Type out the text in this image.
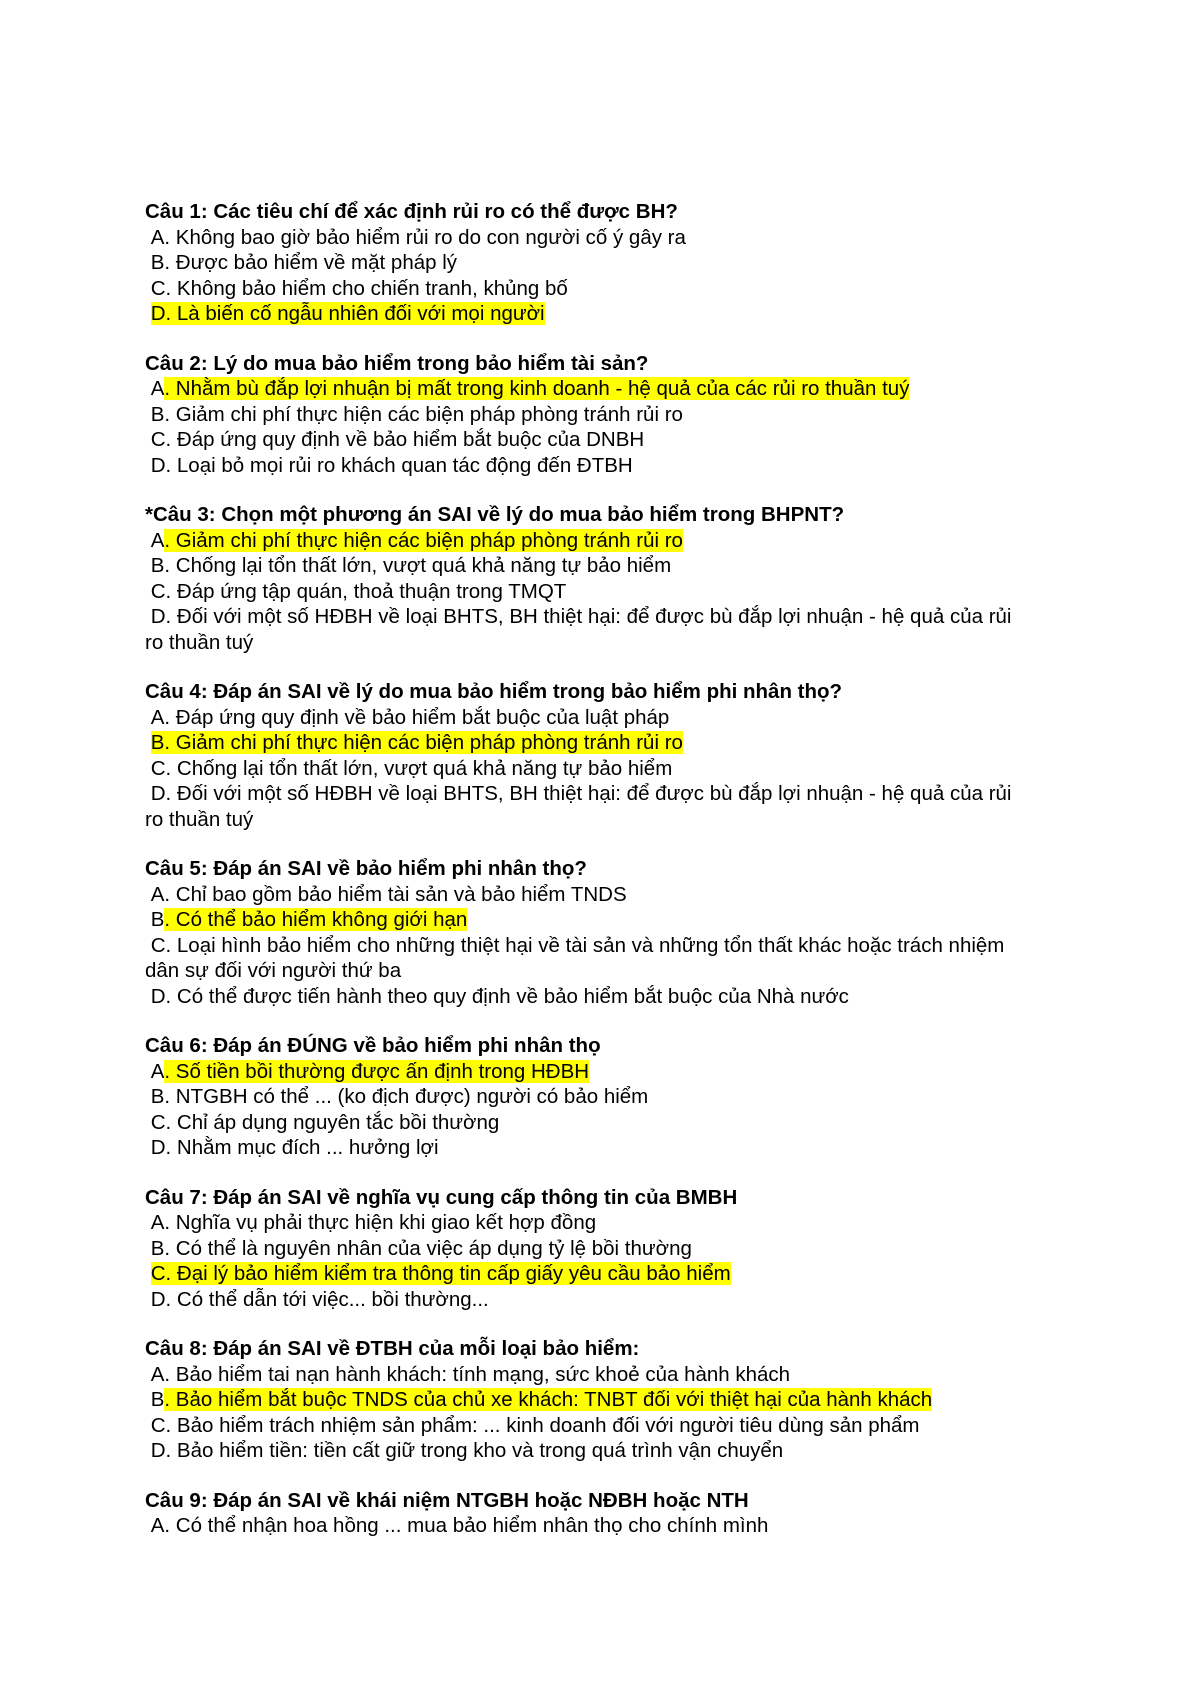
Câu 1: Các tiêu chí để xác định rủi ro có thể được BH?
A. Không bao giờ bảo hiểm rủi ro do con người cố ý gây ra
B. Được bảo hiểm về mặt pháp lý
C. Không bảo hiểm cho chiến tranh, khủng bố
D. Là biến cố ngẫu nhiên đối với mọi người
Câu 2: Lý do mua bảo hiểm trong bảo hiểm tài sản?
A. Nhằm bù đắp lợi nhuận bị mất trong kinh doanh - hệ quả của các rủi ro thuần tuý
B. Giảm chi phí thực hiện các biện pháp phòng tránh rủi ro
C. Đáp ứng quy định về bảo hiểm bắt buộc của DNBH
D. Loại bỏ mọi rủi ro khách quan tác động đến ĐTBH
*Câu 3: Chọn một phương án SAI về lý do mua bảo hiểm trong BHPNT?
A. Giảm chi phí thực hiện các biện pháp phòng tránh rủi ro
B. Chống lại tổn thất lớn, vượt quá khả năng tự bảo hiểm
C. Đáp ứng tập quán, thoả thuận trong TMQT
D. Đối với một số HĐBH về loại BHTS, BH thiệt hại: để được bù đắp lợi nhuận - hệ quả của rủi ro thuần tuý
Câu 4: Đáp án SAI về lý do mua bảo hiểm trong bảo hiểm phi nhân thọ?
A. Đáp ứng quy định về bảo hiểm bắt buộc của luật pháp
B. Giảm chi phí thực hiện các biện pháp phòng tránh rủi ro
C. Chống lại tổn thất lớn, vượt quá khả năng tự bảo hiểm
D. Đối với một số HĐBH về loại BHTS, BH thiệt hại: để được bù đắp lợi nhuận - hệ quả của rủi ro thuần tuý
Câu 5: Đáp án SAI về bảo hiểm phi nhân thọ?
A. Chỉ bao gồm bảo hiểm tài sản và bảo hiểm TNDS
B. Có thể bảo hiểm không giới hạn
C. Loại hình bảo hiểm cho những thiệt hại về tài sản và những tổn thất khác hoặc trách nhiệm dân sự đối với người thứ ba
D. Có thể được tiến hành theo quy định về bảo hiểm bắt buộc của Nhà nước
Câu 6: Đáp án ĐÚNG về bảo hiểm phi nhân thọ
A. Số tiền bồi thường được ấn định trong HĐBH
B. NTGBH có thể ... (ko địch được) người có bảo hiểm
C. Chỉ áp dụng nguyên tắc bồi thường
D. Nhằm mục đích ... hưởng lợi
Câu 7: Đáp án SAI về nghĩa vụ cung cấp thông tin của BMBH
A. Nghĩa vụ phải thực hiện khi giao kết hợp đồng
B. Có thể là nguyên nhân của việc áp dụng tỷ lệ bồi thường
C. Đại lý bảo hiểm kiểm tra thông tin cấp giấy yêu cầu bảo hiểm
D. Có thể dẫn tới việc... bồi thường...
Câu 8: Đáp án SAI về ĐTBH của mỗi loại bảo hiểm:
A. Bảo hiểm tai nạn hành khách: tính mạng, sức khoẻ của hành khách
B. Bảo hiểm bắt buộc TNDS của chủ xe khách: TNBT đối với thiệt hại của hành khách
C. Bảo hiểm trách nhiệm sản phẩm: ... kinh doanh đối với người tiêu dùng sản phẩm
D. Bảo hiểm tiền: tiền cất giữ trong kho và trong quá trình vận chuyển
Câu 9: Đáp án SAI về khái niệm NTGBH hoặc NĐBH hoặc NTH
A. Có thể nhận hoa hồng ... mua bảo hiểm nhân thọ cho chính mình
